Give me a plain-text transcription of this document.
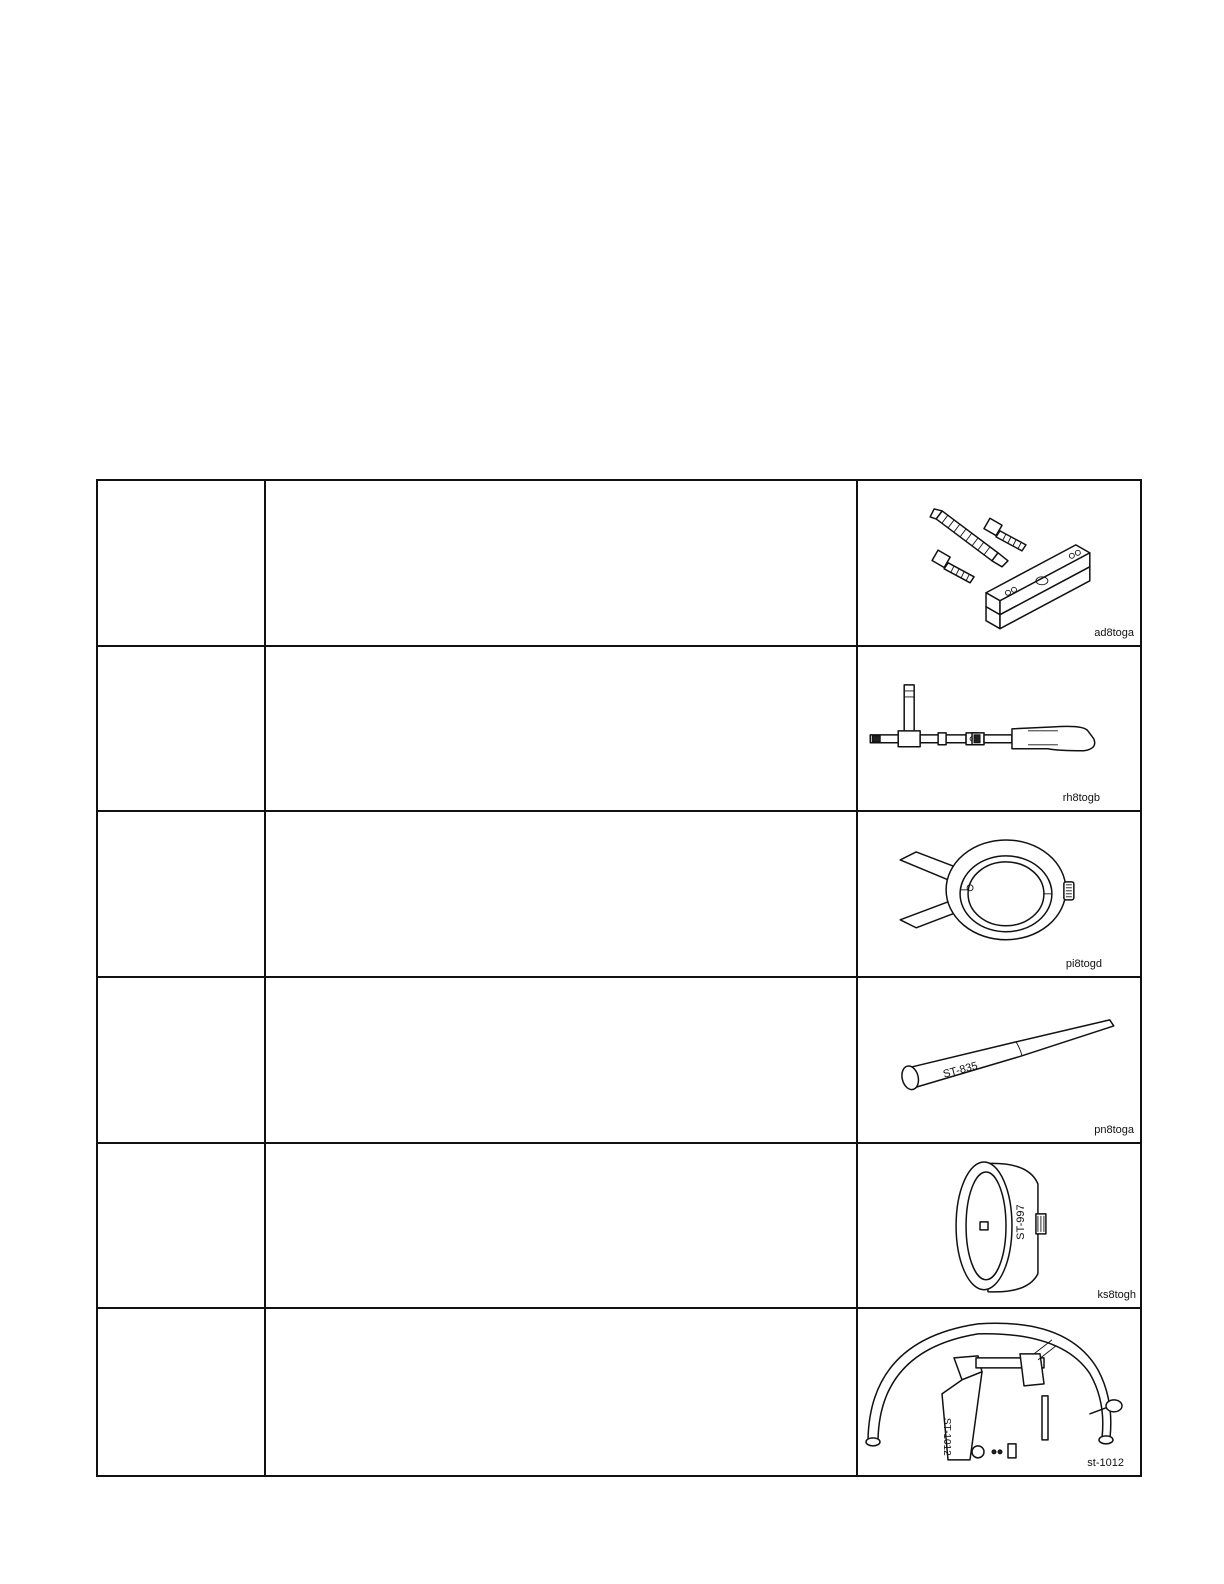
ad8toga
rh8togb
pi8togd
ST-835
pn8toga
ST-997
ks8togh
ST-1012
st-1012
